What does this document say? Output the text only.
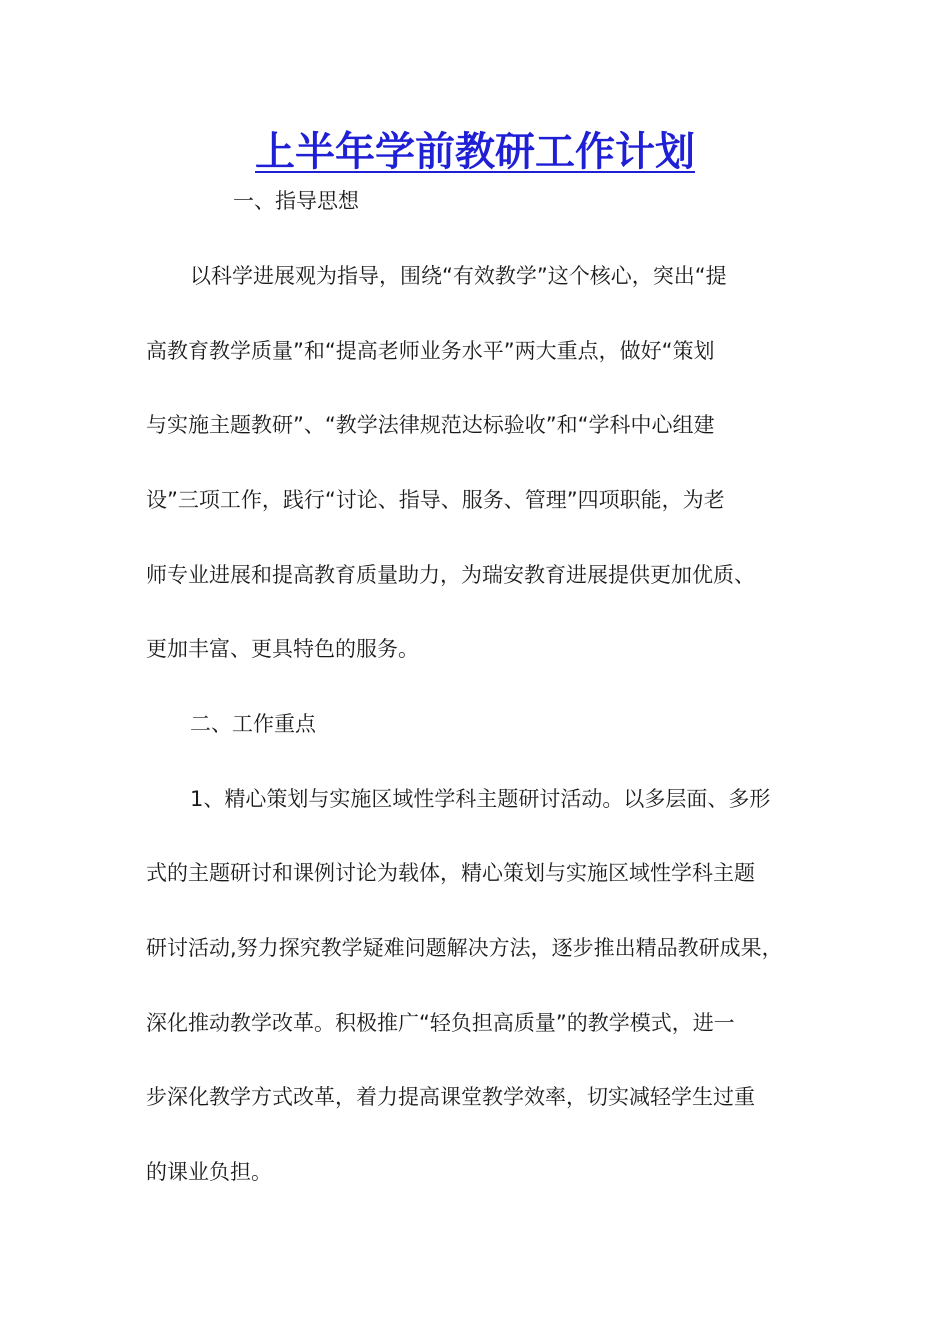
上半年学前教研工作计划

一、指导思想

以科学进展观为指导，围绕“有效教学”这个核心，突出“提

高教育教学质量”和“提高老师业务水平”两大重点，做好“策划

与实施主题教研”、“教学法律规范达标验收”和“学科中心组建

设”三项工作，践行“讨论、指导、服务、管理”四项职能，为老

师专业进展和提高教育质量助力，为瑞安教育进展提供更加优质、

更加丰富、更具特色的服务。

二、工作重点

1、精心策划与实施区域性学科主题研讨活动。以多层面、多形

式的主题研讨和课例讨论为载体，精心策划与实施区域性学科主题

研讨活动,努力探究教学疑难问题解决方法，逐步推出精品教研成果，

深化推动教学改革。积极推广“轻负担高质量”的教学模式，进一

步深化教学方式改革，着力提高课堂教学效率，切实减轻学生过重

的课业负担。
